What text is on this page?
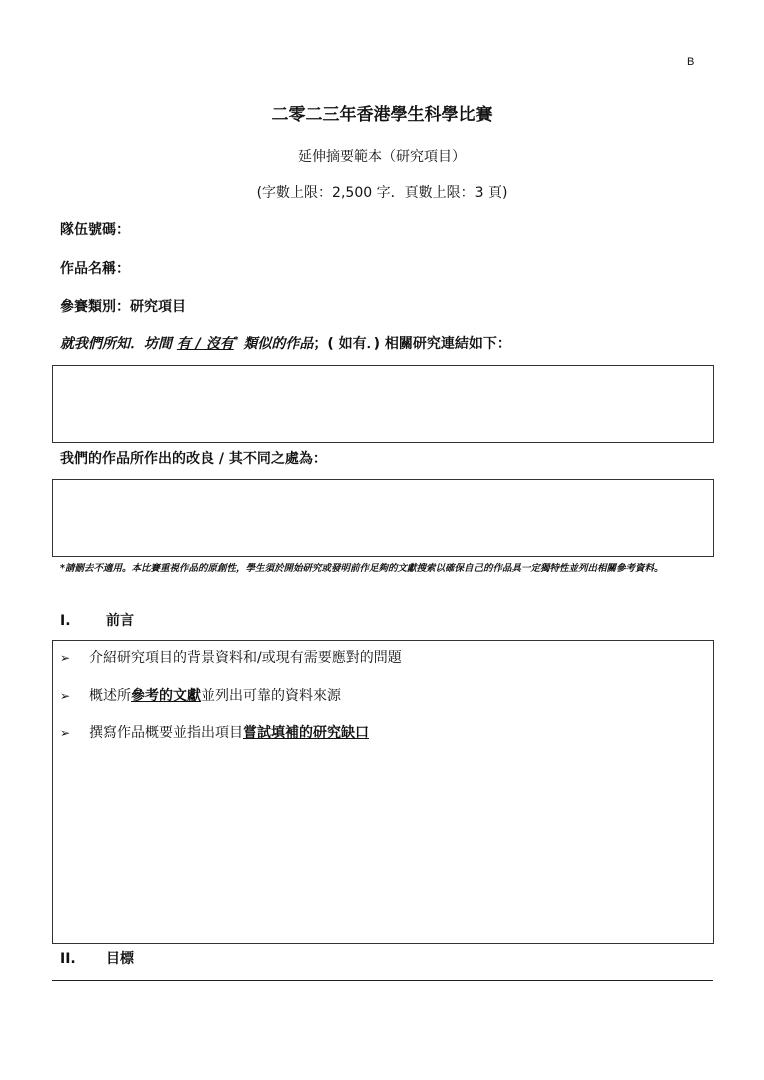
B
二零二三年香港學生科學比賽
延伸摘要範本（研究項目）
(字數上限：2,500 字．頁數上限：3 頁)
隊伍號碼：
作品名稱：
參賽類別：研究項目
就我們所知．坊間 有 / 沒有* 類似的作品；( 如有．) 相關研究連結如下：
我們的作品所作出的改良 / 其不同之處為：
*請刪去不適用。本比賽重視作品的原創性，學生須於開始研究或發明前作足夠的文獻搜索以確保自己的作品具一定獨特性並列出相關參考資料。
I.	前言
➢ 介紹研究項目的背景資料和/或現有需要應對的問題
➢ 概述所參考的文獻並列出可靠的資料來源
➢ 撰寫作品概要並指出項目嘗試填補的研究缺口
II. 目標
